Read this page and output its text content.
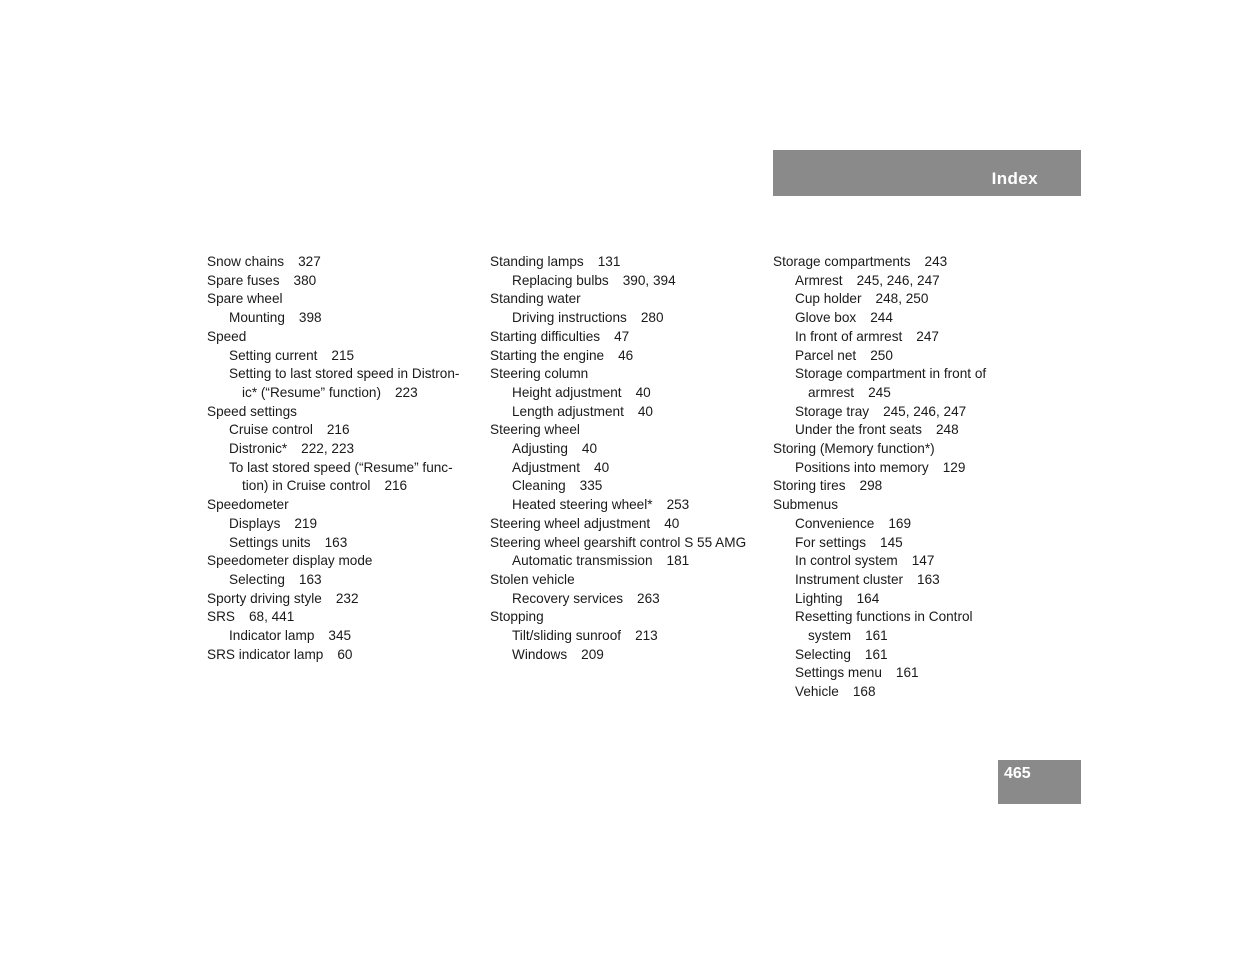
Index
Snow chains 327
Spare fuses 380
Spare wheel
Mounting 398
Speed
Setting current 215
Setting to last stored speed in Distron-
ic* (“Resume” function) 223
Speed settings
Cruise control 216
Distronic* 222, 223
To last stored speed (“Resume” func-
tion) in Cruise control 216
Speedometer
Displays 219
Settings units 163
Speedometer display mode
Selecting 163
Sporty driving style 232
SRS 68, 441
Indicator lamp 345
SRS indicator lamp 60
Standing lamps 131
Replacing bulbs 390, 394
Standing water
Driving instructions 280
Starting difficulties 47
Starting the engine 46
Steering column
Height adjustment 40
Length adjustment 40
Steering wheel
Adjusting 40
Adjustment 40
Cleaning 335
Heated steering wheel* 253
Steering wheel adjustment 40
Steering wheel gearshift control S 55 AMG
Automatic transmission 181
Stolen vehicle
Recovery services 263
Stopping
Tilt/sliding sunroof 213
Windows 209
Storage compartments 243
Armrest 245, 246, 247
Cup holder 248, 250
Glove box 244
In front of armrest 247
Parcel net 250
Storage compartment in front of
armrest 245
Storage tray 245, 246, 247
Under the front seats 248
Storing (Memory function*)
Positions into memory 129
Storing tires 298
Submenus
Convenience 169
For settings 145
In control system 147
Instrument cluster 163
Lighting 164
Resetting functions in Control
system 161
Selecting 161
Settings menu 161
Vehicle 168
465
